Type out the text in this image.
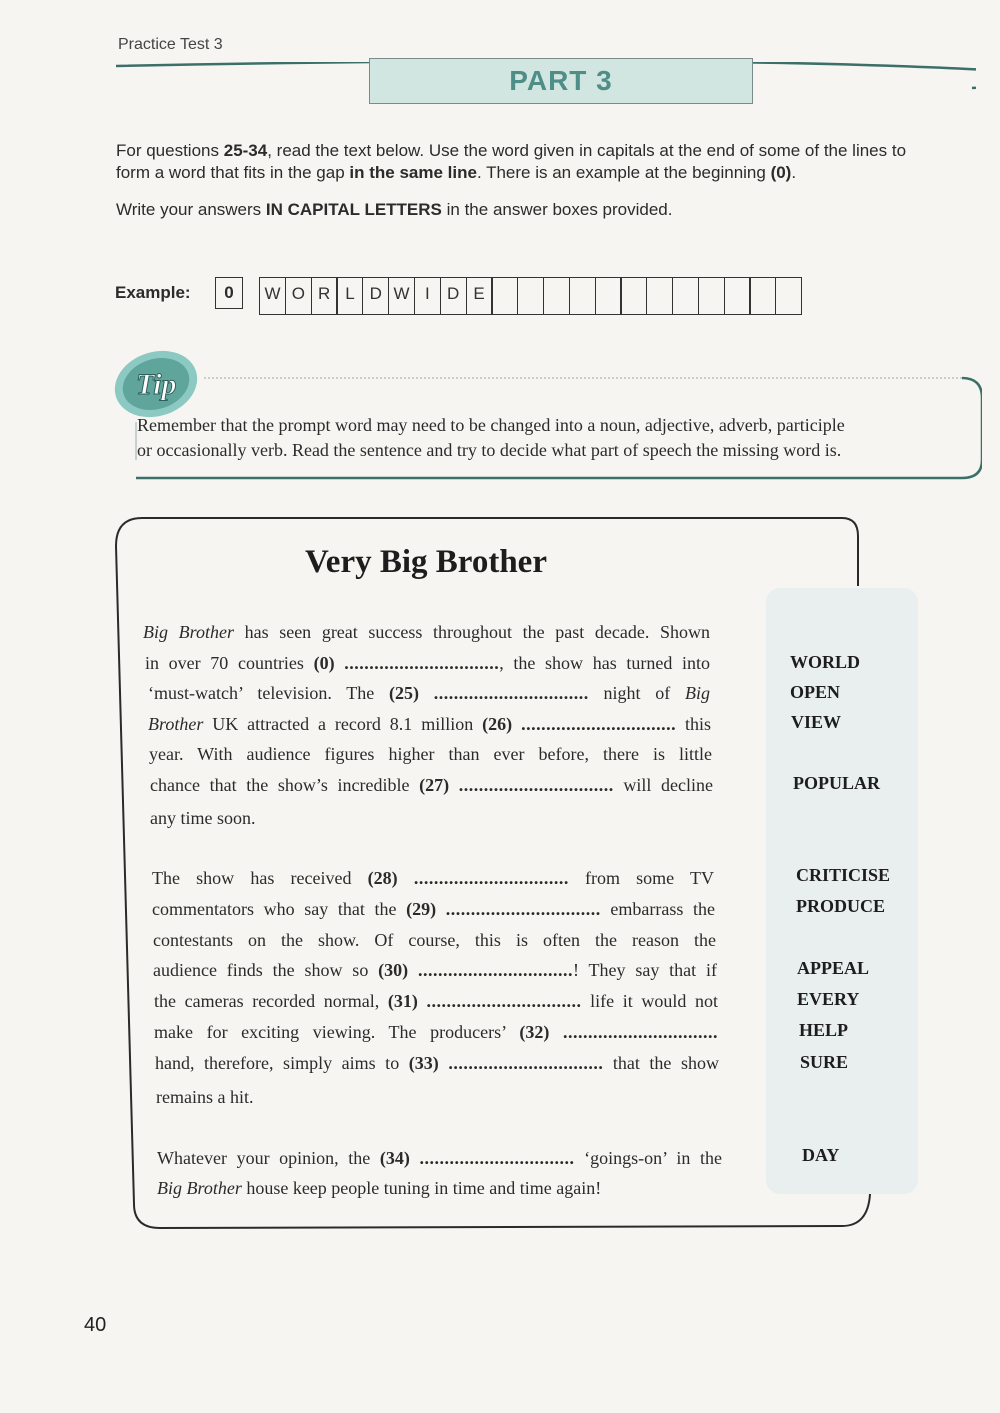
Practice Test 3
PART 3
For questions 25-34, read the text below. Use the word given in capitals at the end of some of the lines to
form a word that fits in the gap in the same line. There is an example at the beginning (0).
Write your answers IN CAPITAL LETTERS in the answer boxes provided.
Example:	0	W O R L D W I	D E
Tip
Remember that the prompt word may need to be changed into a noun, adjective, adverb, participle
or occasionally verb. Read the sentence and try to decide what part of speech the missing word is.
Very Big Brother
Big Brother has seen great success throughout the past decade. Shown
in over 70 countries (0) ..............................., the show has turned into
‘must-watch’ television. The (25) ............................... night of Big
Brother UK attracted a record 8.1 million (26) ............................... this
year. With audience figures higher than ever before, there is little
chance that the show’s incredible (27) ............................... will decline
any time soon.
The show has received (28) ............................... from some TV
commentators who say that the (29) ............................... embarrass the
contestants on the show. Of course, this is often the reason the
audience finds the show so (30) ...............................! They say that if
the cameras recorded normal, (31) ............................... life it would not
make for exciting viewing. The producers’ (32) ...............................
hand, therefore, simply aims to (33) ............................... that the show
remains a hit.
Whatever your opinion, the (34) ............................... ‘goings-on’ in the
Big Brother house keep people tuning in time and time again!
WORLD
OPEN
VIEW
POPULAR
CRITICISE
PRODUCE
APPEAL
EVERY
HELP
SURE
DAY
40
